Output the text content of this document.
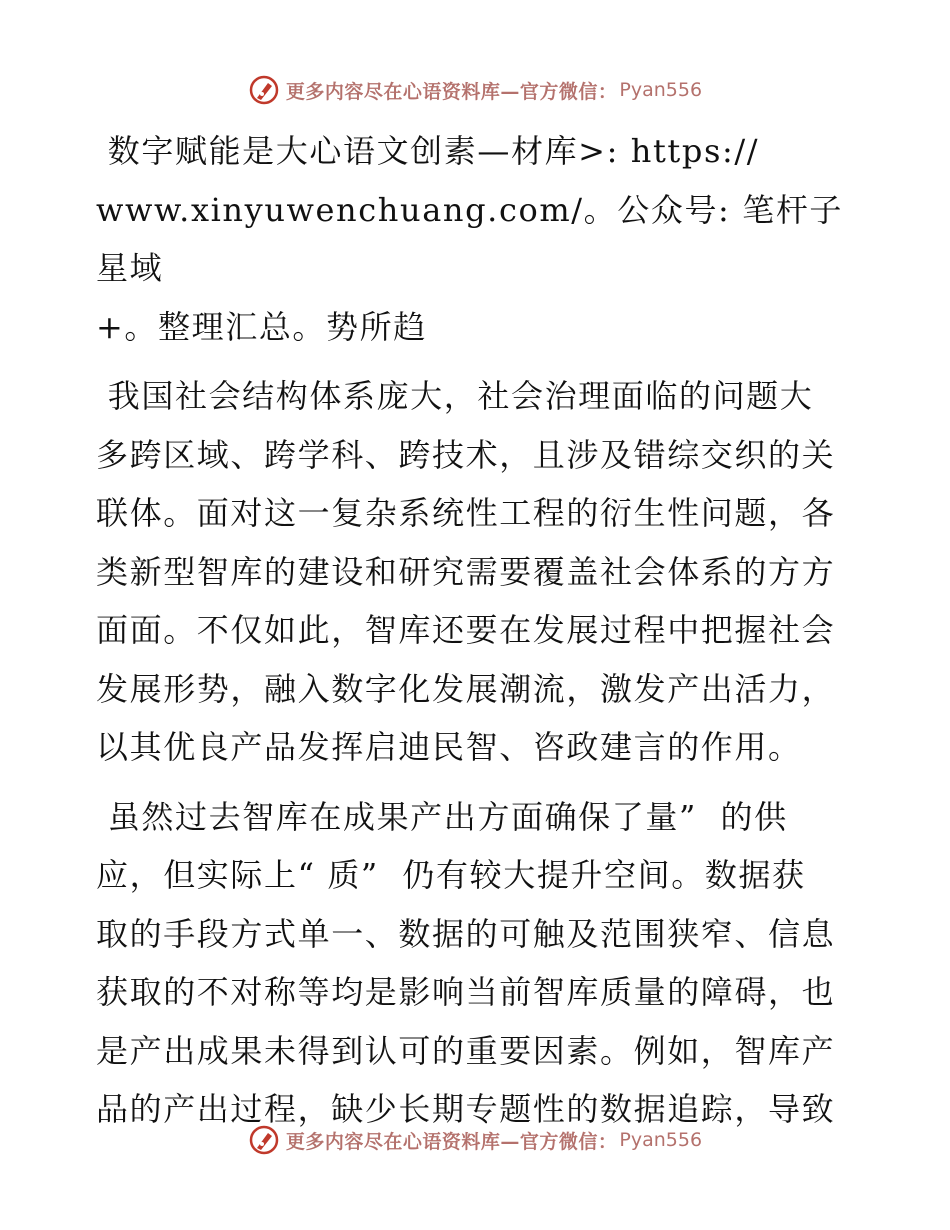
更多内容尽在心语资料库—官方微信： Pyan556

数字赋能是大心语文创素—材库>: https://
www.xinyuwenchuang.com/。公众号: 笔杆子星域
+。整理汇总。势所趋

我国社会结构体系庞大，社会治理面临的问题大
多跨区域、跨学科、跨技术，且涉及错综交织的关
联体。面对这一复杂系统性工程的衍生性问题，各
类新型智库的建设和研究需要覆盖社会体系的方方
面面。不仅如此，智库还要在发展过程中把握社会
发展形势，融入数字化发展潮流，激发产出活力，
以其优良产品发挥启迪民智、咨政建言的作用。

虽然过去智库在成果产出方面确保了量”  的供
应，但实际上“ 质”  仍有较大提升空间。数据获
取的手段方式单一、数据的可触及范围狭窄、信息
获取的不对称等均是影响当前智库质量的障碍，也
是产出成果未得到认可的重要因素。例如，智库产
品的产出过程，缺少长期专题性的数据追踪，导致

更多内容尽在心语资料库—官方微信： Pyan556
